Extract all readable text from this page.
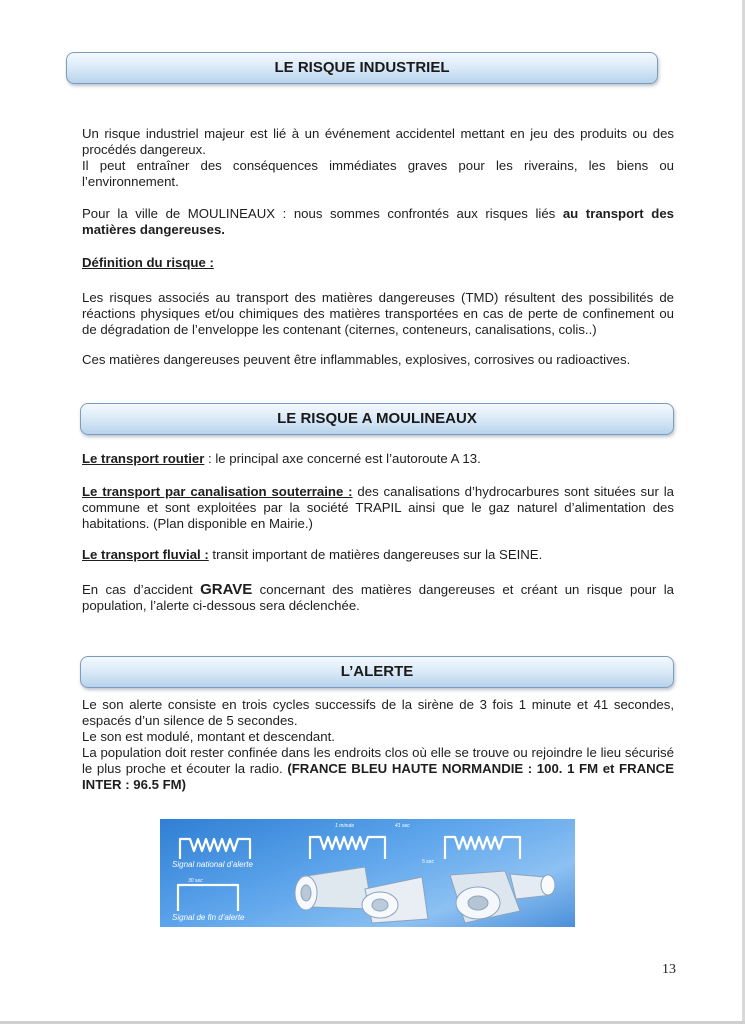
LE RISQUE INDUSTRIEL

Un risque industriel majeur est lié à un événement accidentel mettant en jeu des produits ou des procédés dangereux.

Il peut entraîner des conséquences immédiates graves pour les riverains, les biens ou l’environnement.

Pour la ville de MOULINEAUX : nous sommes confrontés aux risques liés au transport des matières dangereuses.

Définition du risque :

Les risques associés au transport des matières dangereuses (TMD) résultent des possibilités de réactions physiques et/ou chimiques des matières transportées en cas de perte de confinement ou de dégradation de l’enveloppe les contenant (citernes, conteneurs, canalisations, colis..)

Ces matières dangereuses peuvent être inflammables, explosives, corrosives ou radioactives.

LE RISQUE A MOULINEAUX

Le transport routier : le principal axe concerné est l’autoroute A 13.

Le transport par canalisation souterraine : des canalisations d’hydrocarbures sont situées sur la commune et sont exploitées par la société TRAPIL ainsi que le gaz naturel d’alimentation des habitations. (Plan disponible en Mairie.)

Le transport fluvial : transit important de matières dangereuses sur la SEINE.

En cas d’accident GRAVE concernant des matières dangereuses et créant un risque pour la population, l’alerte ci-dessous sera déclenchée.

L’ALERTE

Le son alerte consiste en trois cycles successifs de la sirène de 3 fois 1 minute et 41 secondes, espacés d’un silence de 5 secondes.

Le son est modulé, montant et descendant.

La population doit rester confinée dans les endroits clos où elle se trouve ou rejoindre le lieu sécurisé le plus proche et écouter la radio. (FRANCE BLEU HAUTE NORMANDIE : 100. 1 FM et FRANCE INTER : 96.5 FM)

Signal national d’alerte
Signal de fin d’alerte
1 minute	41 sec
5 sec
30 sec
13
